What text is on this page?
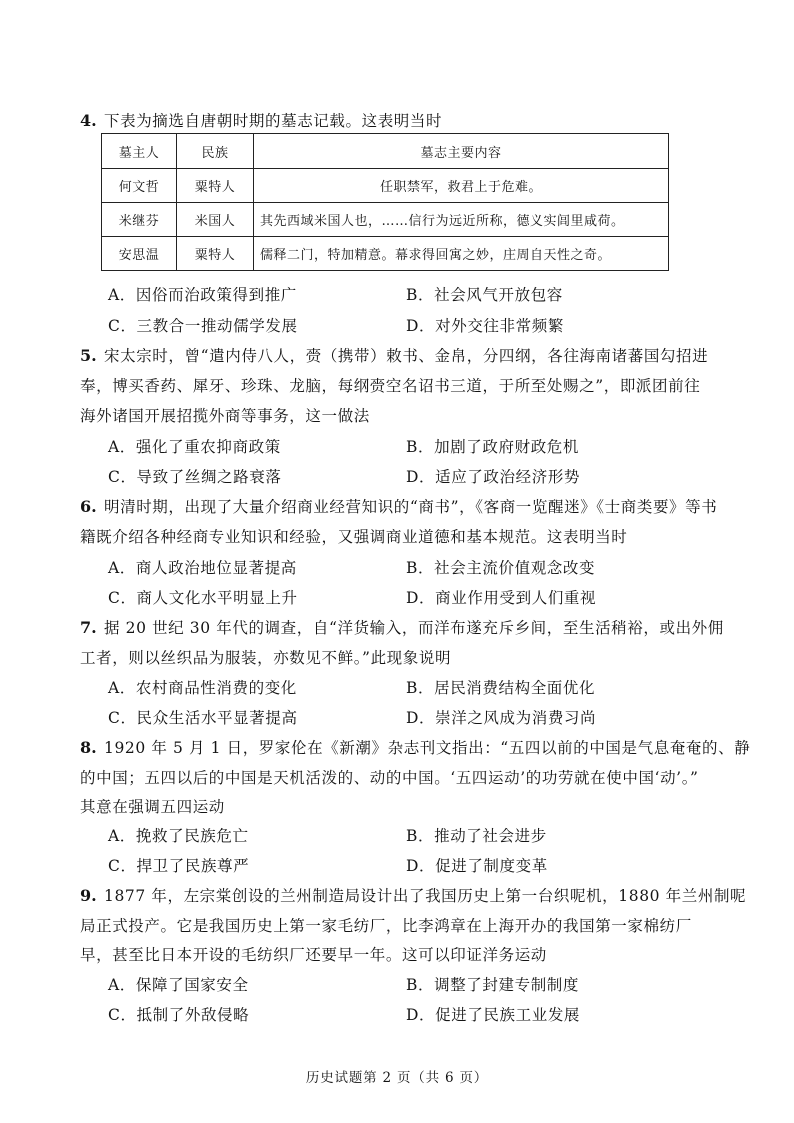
4. 下表为摘选自唐朝时期的墓志记载。这表明当时
墓主人	民族	墓志主要内容
何文哲	粟特人	任职禁军，救君上于危难。
米继芬	米国人	其先西域米国人也，……信行为远近所称，德义实闾里咸荷。
安思温	粟特人	儒释二门，特加精意。幕求得回寓之妙，庄周自天性之奇。
A．因俗而治政策得到推广	B．社会风气开放包容
C．三教合一推动儒学发展	D．对外交往非常频繁
5. 宋太宗时，曾“遣内侍八人，赍（携带）敕书、金帛，分四纲，各往海南诸蕃国勾招进
奉，博买香药、犀牙、珍珠、龙脑，每纲赍空名诏书三道，于所至处赐之”，即派团前往
海外诸国开展招揽外商等事务，这一做法
A．强化了重农抑商政策	B．加剧了政府财政危机
C．导致了丝绸之路衰落	D．适应了政治经济形势
6. 明清时期，出现了大量介绍商业经营知识的“商书”，《客商一览醒迷》《士商类要》等书
籍既介绍各种经商专业知识和经验，又强调商业道德和基本规范。这表明当时
A．商人政治地位显著提高	B．社会主流价值观念改变
C．商人文化水平明显上升	D．商业作用受到人们重视
7. 据 20 世纪 30 年代的调查，自“洋货输入，而洋布遂充斥乡间，至生活稍裕，或出外佣
工者，则以丝织品为服装，亦数见不鲜。”此现象说明
A．农村商品性消费的变化	B．居民消费结构全面优化
C．民众生活水平显著提高	D．崇洋之风成为消费习尚
8. 1920 年 5 月 1 日，罗家伦在《新潮》杂志刊文指出：“五四以前的中国是气息奄奄的、静
的中国；五四以后的中国是天机活泼的、动的中国。‘五四运动’的功劳就在使中国‘动’。”
其意在强调五四运动
A．挽救了民族危亡	B．推动了社会进步
C．捍卫了民族尊严	D．促进了制度变革
9. 1877 年，左宗棠创设的兰州制造局设计出了我国历史上第一台织呢机，1880 年兰州制呢
局正式投产。它是我国历史上第一家毛纺厂，比李鸿章在上海开办的我国第一家棉纺厂
早，甚至比日本开设的毛纺织厂还要早一年。这可以印证洋务运动
A．保障了国家安全	B．调整了封建专制制度
C．抵制了外敌侵略	D．促进了民族工业发展
历史试题第 2 页（共 6 页）
